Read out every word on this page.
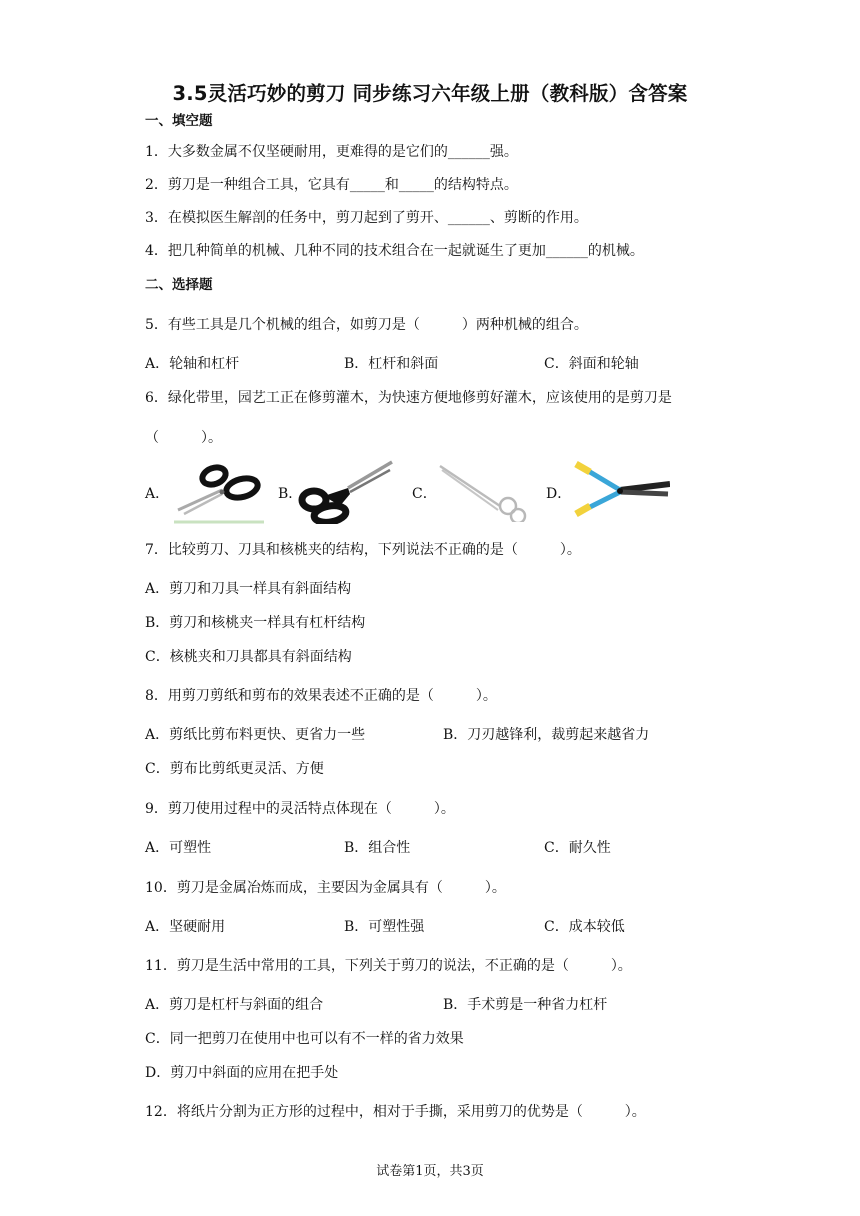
3.5灵活巧妙的剪刀 同步练习六年级上册（教科版）含答案
一、填空题
1．大多数金属不仅坚硬耐用，更难得的是它们的______强。
2．剪刀是一种组合工具，它具有_____和_____的结构特点。
3．在模拟医生解剖的任务中，剪刀起到了剪开、______、剪断的作用。
4．把几种简单的机械、几种不同的技术组合在一起就诞生了更加______的机械。
二、选择题
5．有些工具是几个机械的组合，如剪刀是（　　　）两种机械的组合。
A．轮轴和杠杆	B．杠杆和斜面	C．斜面和轮轴
6．绿化带里，园艺工正在修剪灌木，为快速方便地修剪好灌木，应该使用的是剪刀是
（　　　）。
A．	B．	C．	D．
7．比较剪刀、刀具和核桃夹的结构，下列说法不正确的是（　　　）。
A．剪刀和刀具一样具有斜面结构
B．剪刀和核桃夹一样具有杠杆结构
C．核桃夹和刀具都具有斜面结构
8．用剪刀剪纸和剪布的效果表述不正确的是（　　　）。
A．剪纸比剪布料更快、更省力一些	B．刀刃越锋利，裁剪起来越省力
C．剪布比剪纸更灵活、方便
9．剪刀使用过程中的灵活特点体现在（　　　）。
A．可塑性	B．组合性	C．耐久性
10．剪刀是金属冶炼而成，主要因为金属具有（　　　）。
A．坚硬耐用	B．可塑性强	C．成本较低
11．剪刀是生活中常用的工具，下列关于剪刀的说法，不正确的是（　　　）。
A．剪刀是杠杆与斜面的组合	B．手术剪是一种省力杠杆
C．同一把剪刀在使用中也可以有不一样的省力效果
D．剪刀中斜面的应用在把手处
12．将纸片分割为正方形的过程中，相对于手撕，采用剪刀的优势是（　　　）。
试卷第1页，共3页
